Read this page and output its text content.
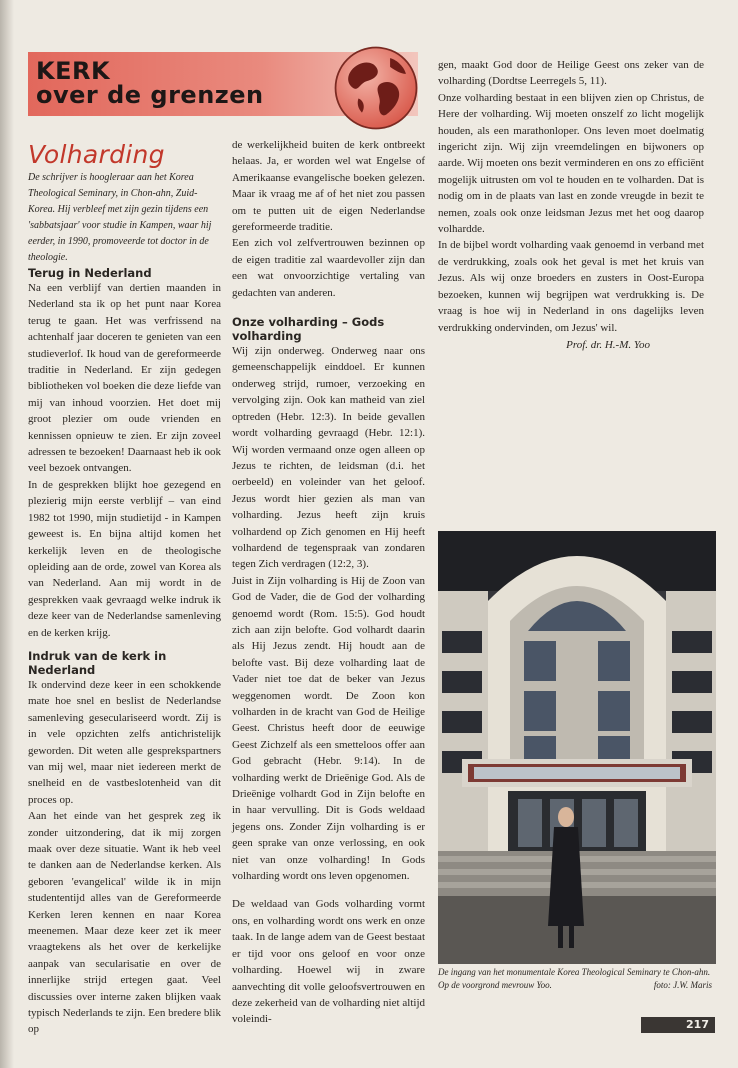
KERK
over de grenzen
Volharding

De schrijver is hoogleraar aan het Korea Theological Seminary, in Chon-ahn, Zuid-Korea. Hij verbleef met zijn gezin tijdens een 'sabbatsjaar' voor studie in Kampen, waar hij eerder, in 1990, promoveerde tot doctor in de theologie.

Terug in Nederland

Na een verblijf van dertien maanden in Nederland sta ik op het punt naar Korea terug te gaan. Het was verfrissend na achtenhalf jaar doceren te genieten van een studieverlof. Ik houd van de gereformeerde traditie in Nederland. Er zijn gedegen bibliotheken vol boeken die deze liefde van mij van inhoud voorzien. Het doet mij groot plezier om oude vrienden en kennissen opnieuw te zien. Er zijn zoveel adressen te bezoeken! Daarnaast heb ik ook veel bezoek ontvangen.

In de gesprekken blijkt hoe gezegend en plezierig mijn eerste verblijf – van eind 1982 tot 1990, mijn studietijd - in Kampen geweest is. En bijna altijd komen het kerkelijk leven en de theologische opleiding aan de orde, zowel van Korea als van Nederland. Aan mij wordt in de gesprekken vaak gevraagd welke indruk ik deze keer van de Nederlandse samenleving en de kerken krijg.

Indruk van de kerk in Nederland

Ik ondervind deze keer in een schokkende mate hoe snel en beslist de Nederlandse samenleving geseculariseerd wordt. Zij is in vele opzichten zelfs antichristelijk geworden. Dit weten alle gesprekspartners van mij wel, maar niet iedereen merkt de snelheid en de vastbeslotenheid van dit proces op.

Aan het einde van het gesprek zeg ik zonder uitzondering, dat ik mij zorgen maak over deze situatie. Want ik heb veel te danken aan de Nederlandse kerken. Als geboren 'evangelical' wilde ik in mijn studententijd alles van de Gereformeerde Kerken leren kennen en naar Korea meenemen. Maar deze keer zet ik meer vraagtekens als het over de kerkelijke aanpak van secularisatie en over de innerlijke strijd ertegen gaat. Veel discussies over interne zaken blijken vaak typisch Nederlands te zijn. Een bredere blik op

de werkelijkheid buiten de kerk ontbreekt helaas. Ja, er worden wel wat Engelse of Amerikaanse evangelische boeken gelezen. Maar ik vraag me af of het niet zou passen om te putten uit de eigen Nederlandse gereformeerde traditie.

Een zich vol zelfvertrouwen bezinnen op de eigen traditie zal waardevoller zijn dan een wat onvoorzichtige vertaling van gedachten van anderen.

Onze volharding – Gods volharding

Wij zijn onderweg. Onderweg naar ons gemeenschappelijk einddoel. Er kunnen onderweg strijd, rumoer, verzoeking en vervolging zijn. Ook kan matheid van ziel optreden (Hebr. 12:3). In beide gevallen wordt volharding gevraagd (Hebr. 12:1). Wij worden vermaand onze ogen alleen op Jezus te richten, de leidsman (d.i. het oerbeeld) en voleinder van het geloof. Jezus wordt hier gezien als man van volharding. Jezus heeft zijn kruis volhardend op Zich genomen en Hij heeft volhardend de tegenspraak van zondaren tegen Zich verdragen (12:2, 3).

Juist in Zijn volharding is Hij de Zoon van God de Vader, die de God der volharding genoemd wordt (Rom. 15:5). God houdt zich aan zijn belofte. God volhardt daarin als Hij Jezus zendt. Hij houdt aan de belofte vast. Bij deze volharding laat de Vader niet toe dat de beker van Jezus weggenomen wordt. De Zoon kon volharden in de kracht van God de Heilige Geest. Christus heeft door de eeuwige Geest Zichzelf als een smetteloos offer aan God gebracht (Hebr. 9:14). In de volharding werkt de Drieënige God. Als de Drieënige volhardt God in Zijn belofte en in haar vervulling. Dit is Gods weldaad jegens ons. Zonder Zijn volharding is er geen sprake van onze verlossing, en ook niet van onze volharding! In Gods volharding wordt ons leven opgenomen.

De weldaad van Gods volharding vormt ons, en volharding wordt ons werk en onze taak. In de lange adem van de Geest bestaat er tijd voor ons geloof en voor onze volharding. Hoewel wij in zware aanvechting dit volle geloofsvertrouwen en deze zekerheid van de volharding niet altijd voleindi-

gen, maakt God door de Heilige Geest ons zeker van de volharding (Dordtse Leerregels 5, 11).

Onze volharding bestaat in een blijven zien op Christus, de Here der volharding. Wij moeten onszelf zo licht mogelijk houden, als een marathonloper. Ons leven moet doelmatig ingericht zijn. Wij zijn vreemdelingen en bijwoners op aarde. Wij moeten ons bezit verminderen en ons zo efficiënt mogelijk uitrusten om vol te houden en te volharden. Dat is nodig om in de plaats van last en zonde vreugde in bezit te nemen, zoals ook onze leidsman Jezus met het oog daarop volhardde.

In de bijbel wordt volharding vaak genoemd in verband met de verdrukking, zoals ook het geval is met het kruis van Jezus. Als wij onze broeders en zusters in Oost-Europa bezoeken, kunnen wij begrijpen wat verdrukking is. De vraag is hoe wij in Nederland in ons dagelijks leven verdrukking ondervinden, om Jezus' wil.

Prof. dr. H.-M. Yoo

De ingang van het monumentale Korea Theological Seminary te Chon-ahn. Op de voorgrond mevrouw Yoo.	foto: J.W. Maris
217
